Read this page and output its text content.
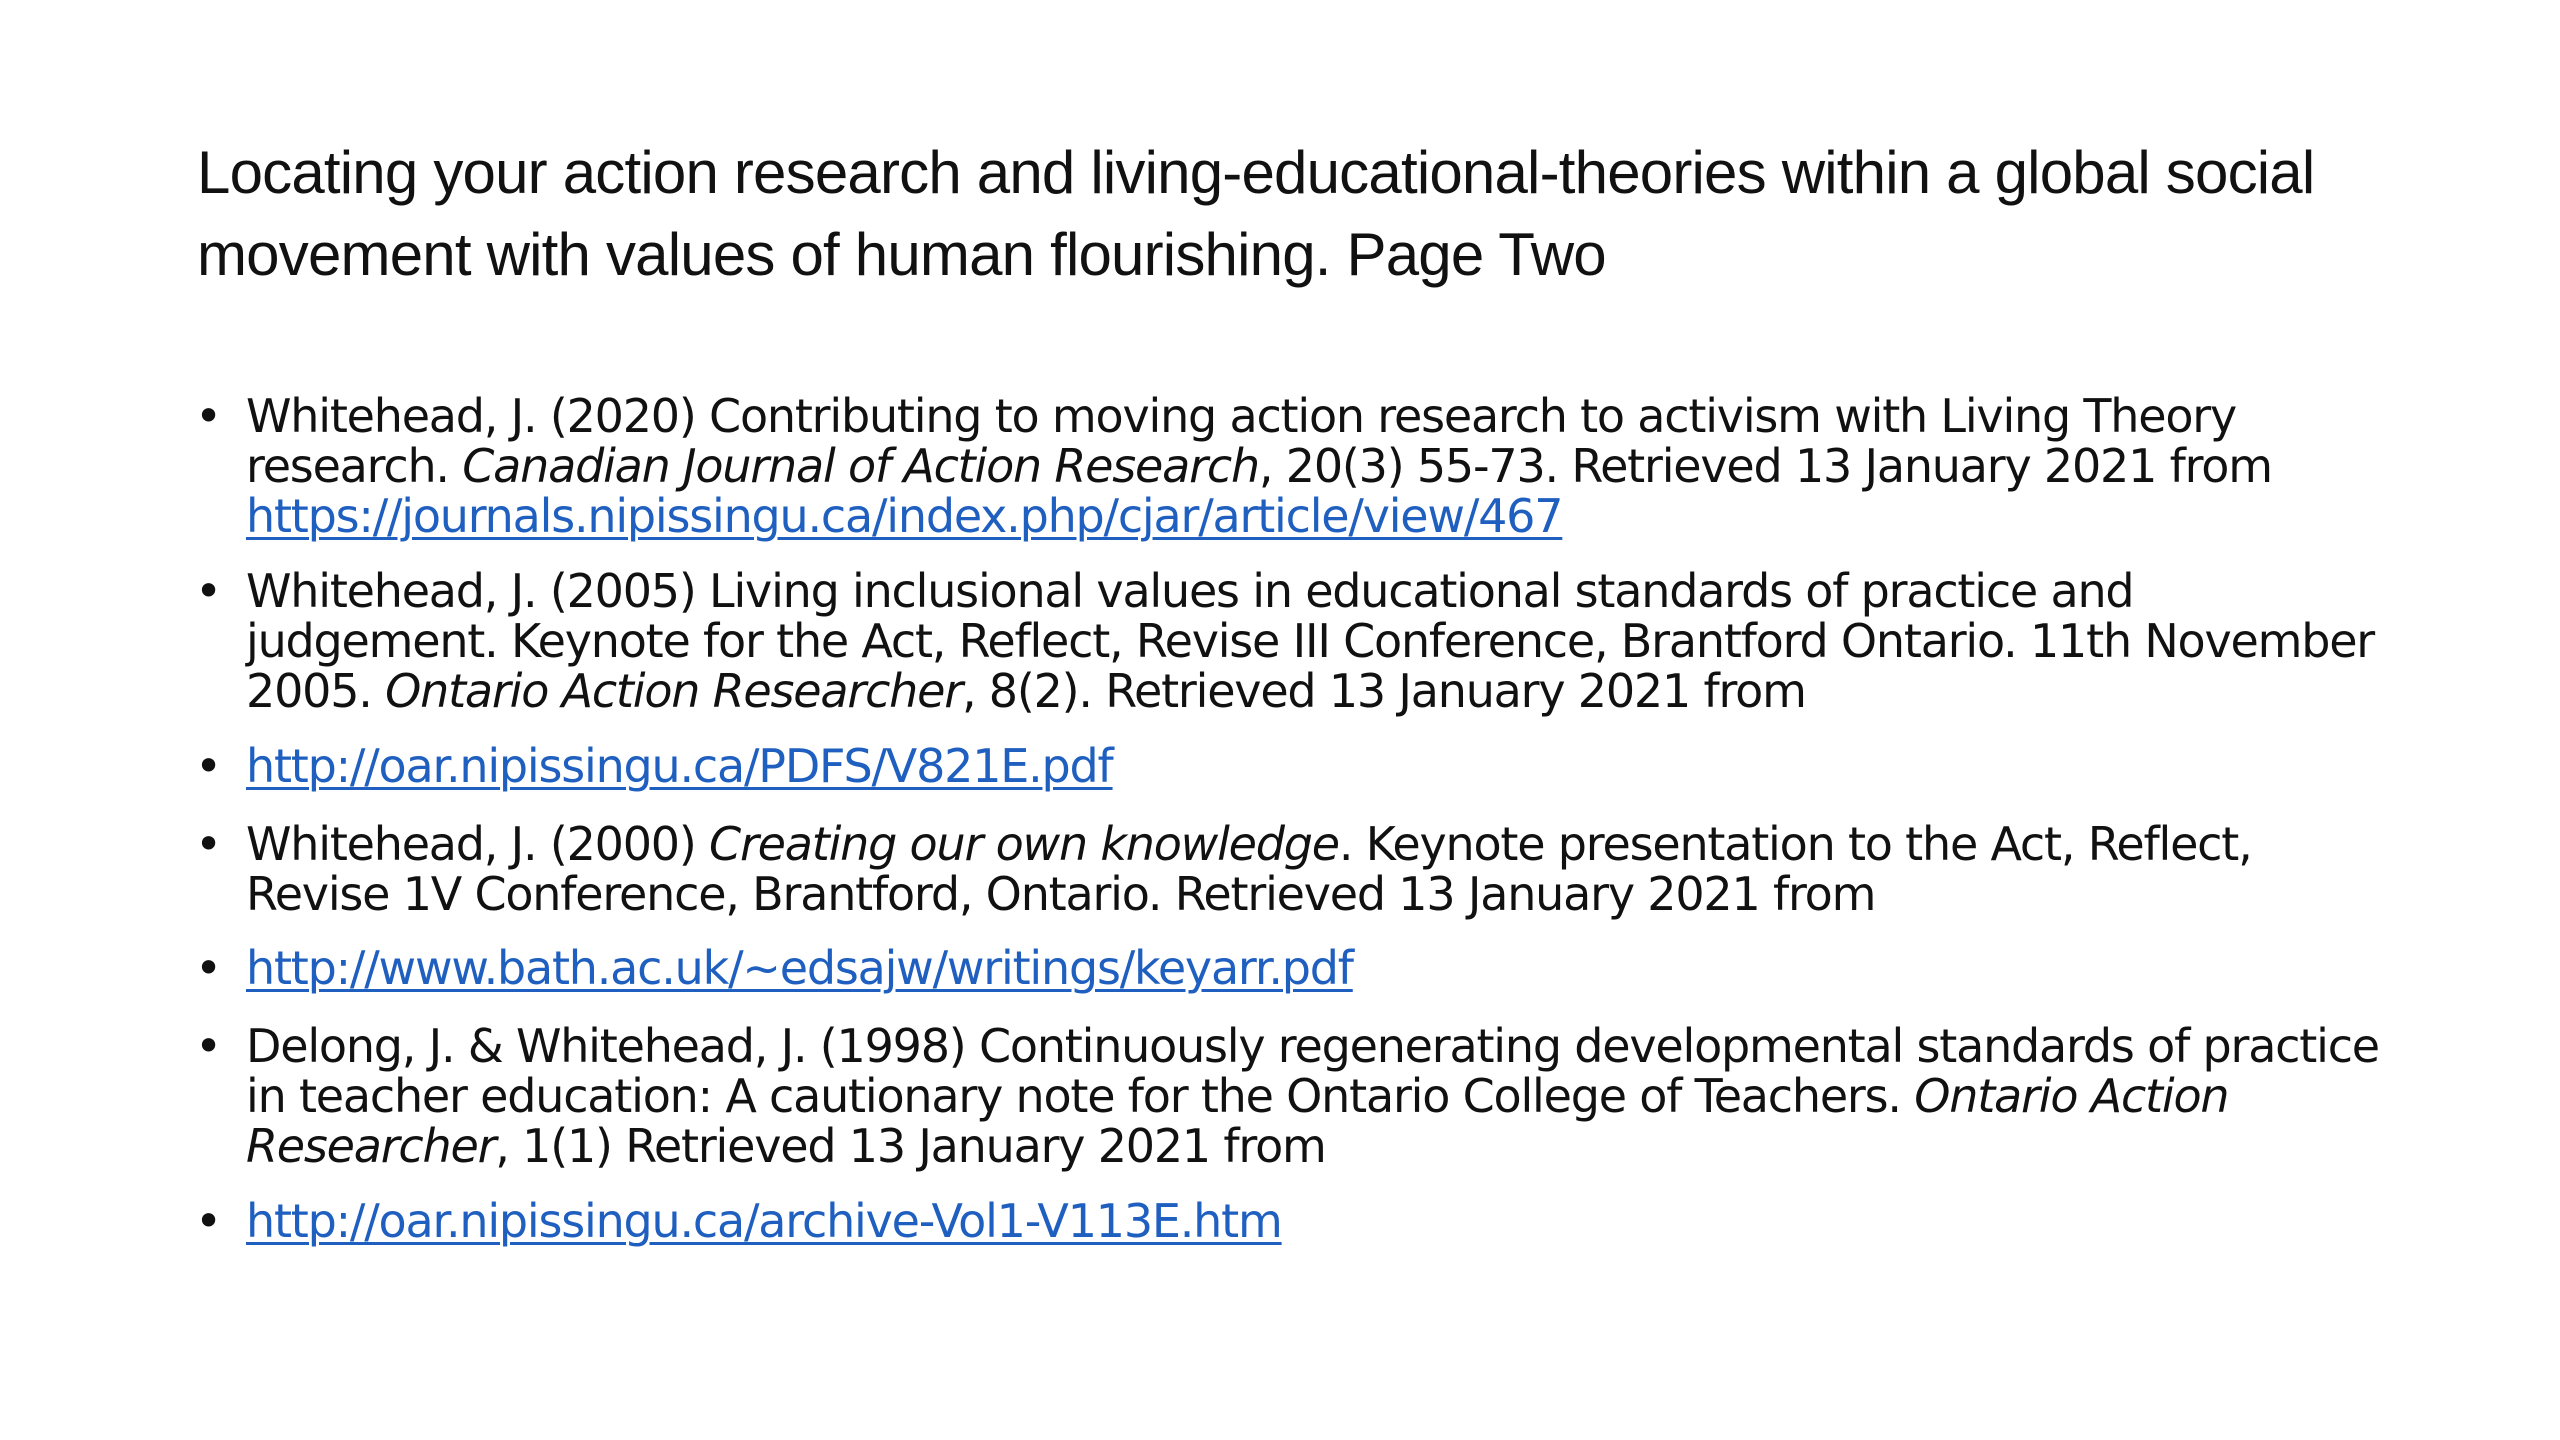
Locating your action research and living-educational-theories within a global social movement with values of human flourishing. Page Two
• Whitehead, J. (2020) Contributing to moving action research to activism with Living Theory research. Canadian Journal of Action Research, 20(3) 55-73. Retrieved 13 January 2021 from https://journals.nipissingu.ca/index.php/cjar/article/view/467
• Whitehead, J. (2005) Living inclusional values in educational standards of practice and judgement. Keynote for the Act, Reflect, Revise III Conference, Brantford Ontario. 11th November 2005. Ontario Action Researcher, 8(2). Retrieved 13 January 2021 from
• http://oar.nipissingu.ca/PDFS/V821E.pdf
• Whitehead, J. (2000) Creating our own knowledge. Keynote presentation to the Act, Reflect, Revise 1V Conference, Brantford, Ontario. Retrieved 13 January 2021 from
• http://www.bath.ac.uk/~edsajw/writings/keyarr.pdf
• Delong, J. & Whitehead, J. (1998) Continuously regenerating developmental standards of practice in teacher education: A cautionary note for the Ontario College of Teachers. Ontario Action Researcher, 1(1) Retrieved 13 January 2021 from
• http://oar.nipissingu.ca/archive-Vol1-V113E.htm
